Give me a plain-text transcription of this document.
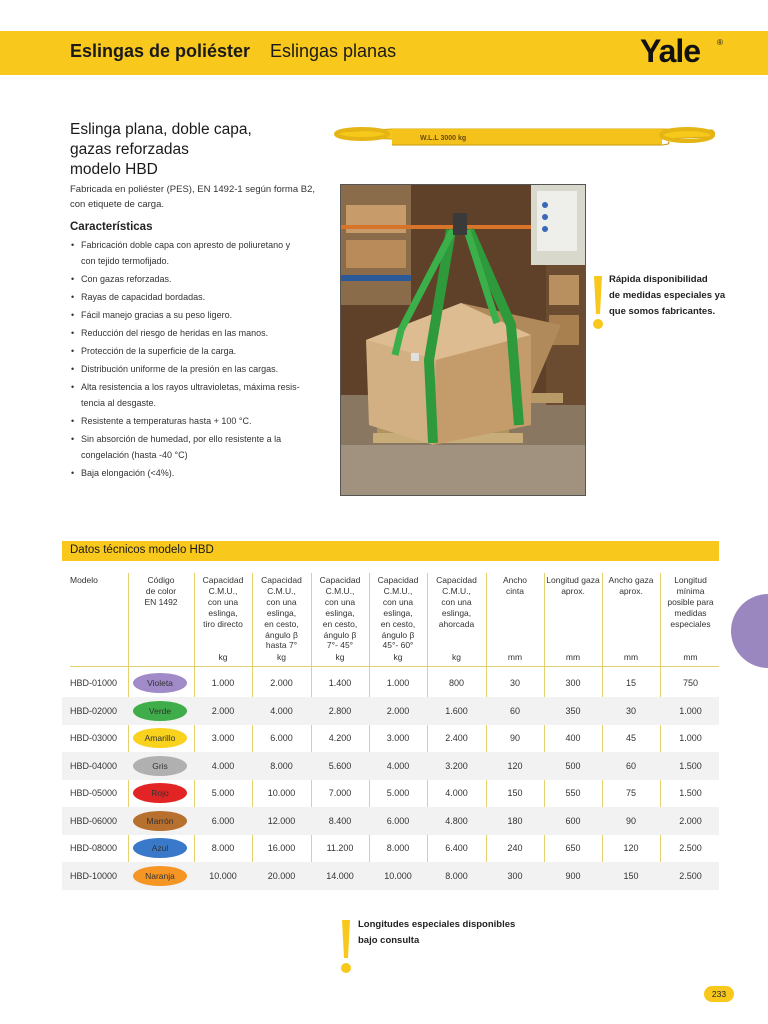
Eslingas de poliéster Eslingas planas	Yale ®
Eslinga plana, doble capa,
gazas reforzadas
modelo HBD
Fabricada en poliéster (PES), EN 1492-1 según forma B2,
con etiquete de carga.
Características
• Fabricación doble capa con apresto de poliuretano y
con tejido termofijado.
• Con gazas reforzadas.
• Rayas de capacidad bordadas.
• Fácil manejo gracias a su peso ligero.
• Reducción del riesgo de heridas en las manos.
• Protección de la superficie de la carga.
• Distribución uniforme de la presión en las cargas.
• Alta resistencia a los rayos ultravioletas, máxima resis-
tencia al desgaste.
• Resistente a temperaturas hasta + 100 °C.
• Sin absorción de humedad, por ello resistente a la
congelación (hasta -40 °C)
• Baja elongación (<4%).
W.L.L 3000 kg
Rápida disponibilidad
de medidas especiales ya
que somos fabricantes.
Datos técnicos modelo HBD
Modelo	Código
de color
EN 1492
Capacidad
C.M.U.,
con una
eslinga,
tiro directo
kg
Capacidad
C.M.U.,
con una
eslinga,
en cesto,
ángulo β
hasta 7°
kg
Capacidad
C.M.U.,
con una
eslinga,
en cesto,
ángulo β
7°- 45°
kg
Capacidad
C.M.U.,
con una
eslinga,
en cesto,
ángulo β
45°- 60°
kg
Capacidad
C.M.U.,
con una
eslinga,
ahorcada
kg
Ancho
cinta
mm
Longitud gaza
aprox.
mm
Ancho gaza
aprox.
mm
Longitud
mínima
posible para
medidas
especiales
mm
HBD-01000	Violeta	1.000	2.000	1.400	1.000	800	30	300	15	750
HBD-02000	Verde	2.000	4.000	2.800	2.000	1.600	60	350	30	1.000
HBD-03000	Amarillo	3.000	6.000	4.200	3.000	2.400	90	400	45	1.000
HBD-04000	Gris	4.000	8.000	5.600	4.000	3.200	120	500	60	1.500
HBD-05000	Rojo	5.000	10.000	7.000	5.000	4.000	150	550	75	1.500
HBD-06000	Marrón	6.000	12.000	8.400	6.000	4.800	180	600	90	2.000
HBD-08000	Azul	8.000	16.000	11.200	8.000	6.400	240	650	120	2.500
HBD-10000	Naranja	10.000	20.000	14.000	10.000	8.000	300	900	150	2.500
Longitudes especiales disponibles
bajo consulta
233
